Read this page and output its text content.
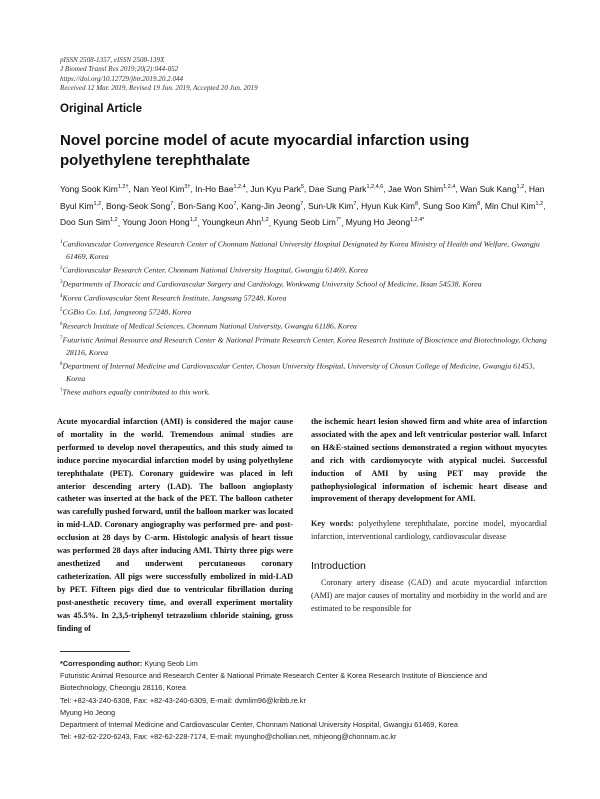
pISSN 2508-1357, eISSN 2508-139X
J Biomed Transl Res 2019;20(2):044-052
https://doi.org/10.12729/jbtr.2019.20.2.044
Received 12 Mar. 2019, Revised 19 Jun. 2019, Accepted 20 Jun. 2019
Original Article
Novel porcine model of acute myocardial infarction using polyethylene terephthalate

Yong Sook Kim$^{1,2\dagger}$, Nan Yeol Kim$^{3\dagger}$, In-Ho Bae$^{1,2,4}$, Jun Kyu Park$^5$, Dae Sung Park$^{1,2,4,6}$, Jae Won Shim$^{1,2,4}$, Wan Suk Kang$^{1,2}$, Han Byul Kim$^{1,2}$, Bong-Seok Song$^7$, Bon-Sang Koo$^7$, Kang-Jin Jeong$^7$, Sun-Uk Kim$^7$, Hyun Kuk Kim$^8$, Sung Soo Kim$^8$, Min Chul Kim$^{1,2}$, Doo Sun Sim$^{1,2}$, Young Joon Hong$^{1,2}$, Youngkeun Ahn$^{1,2}$, Kyung Seob Lim$^{7*}$, Myung Ho Jeong$^{1,2,4*}$

$^1$Cardiovascular Convergence Research Center of Chonnam National University Hospital Designated by Korea Ministry of Health and Welfare, Gwangju 61469, Korea
$^2$Cardiovascular Research Center, Chonnam National University Hospital, Gwangju 61469, Korea
$^3$Departments of Thoracic and Cardiovascular Surgery and Cardiology, Wonkwang University School of Medicine, Iksan 54538, Korea
$^4$Korea Cardiovascular Stent Research Institute, Jangsung 57248, Korea
$^5$CGBio Co. Ltd, Jangseong 57248, Korea
$^6$Research Institute of Medical Sciences, Chonnam National University, Gwangju 61186, Korea
$^7$Futuristic Animal Resource and Research Center & National Primate Research Center, Korea Research Institute of Bioscience and Biotechnology, Ochang 28116, Korea
$^8$Department of Internal Medicine and Cardiovascular Center, Chosun University Hospital, University of Chosun College of Medicine, Gwangju 61453, Korea
†These authors equally contributed to this work.

Acute myocardial infarction (AMI) is considered the major cause of mortality in the world. Tremendous animal studies are performed to develop novel therapeutics, and this study aimed to induce porcine myocardial infarction model by using polyethylene terephthalate (PET). Coronary guidewire was placed in left anterior descending artery (LAD). The balloon angioplasty catheter was inserted at the back of the PET. The balloon catheter was carefully pushed forward, until the balloon marker was located in mid-LAD. Coronary angiography was performed pre- and post-occlusion at 28 days by C-arm. Histologic analysis of heart tissue was performed 28 days after inducing AMI. Thirty three pigs were anesthetized and underwent percutaneous coronary catheterization. All pigs were successfully embolized in mid-LAD by PET. Fifteen pigs died due to ventricular fibrillation during post-anesthetic recovery time, and overall experiment mortality was 45.5%. In 2,3,5-triphenyl tetrazolium chloride staining, gross finding of

the ischemic heart lesion showed firm and white area of infarction associated with the apex and left ventricular posterior wall. Infarct on H&E-stained sections demonstrated a region without myocytes and rich with cardiomyocyte with atypical nuclei. Successful induction of AMI by using PET may provide the pathophysiological information of ischemic heart disease and improvement of therapy development for AMI.

Key words: polyethylene terephthalate, porcine model, myocardial infarction, interventional cardiology, cardiovascular disease

Introduction

Coronary artery disease (CAD) and acute myocardial infarction (AMI) are major causes of mortality and morbidity in the world and are estimated to be responsible for

*Corresponding author: Kyung Seob Lim
Futuristic Animal Resource and Research Center & National Primate Research Center & Korea Research Institute of Bioscience and
Biotechnology, Cheongju 28116, Korea
Tel: +82-43-240-6308, Fax: +82-43-240-6309, E-mail: dvmlim96@kribb.re.kr
Myung Ho Jeong
Department of Internal Medicine and Cardiovascular Center, Chonnam National University Hospital, Gwangju 61469, Korea
Tel: +82-62-220-6243, Fax: +82-62-228-7174, E-mail: myungho@chollian.net, mhjeong@chonnam.ac.kr
